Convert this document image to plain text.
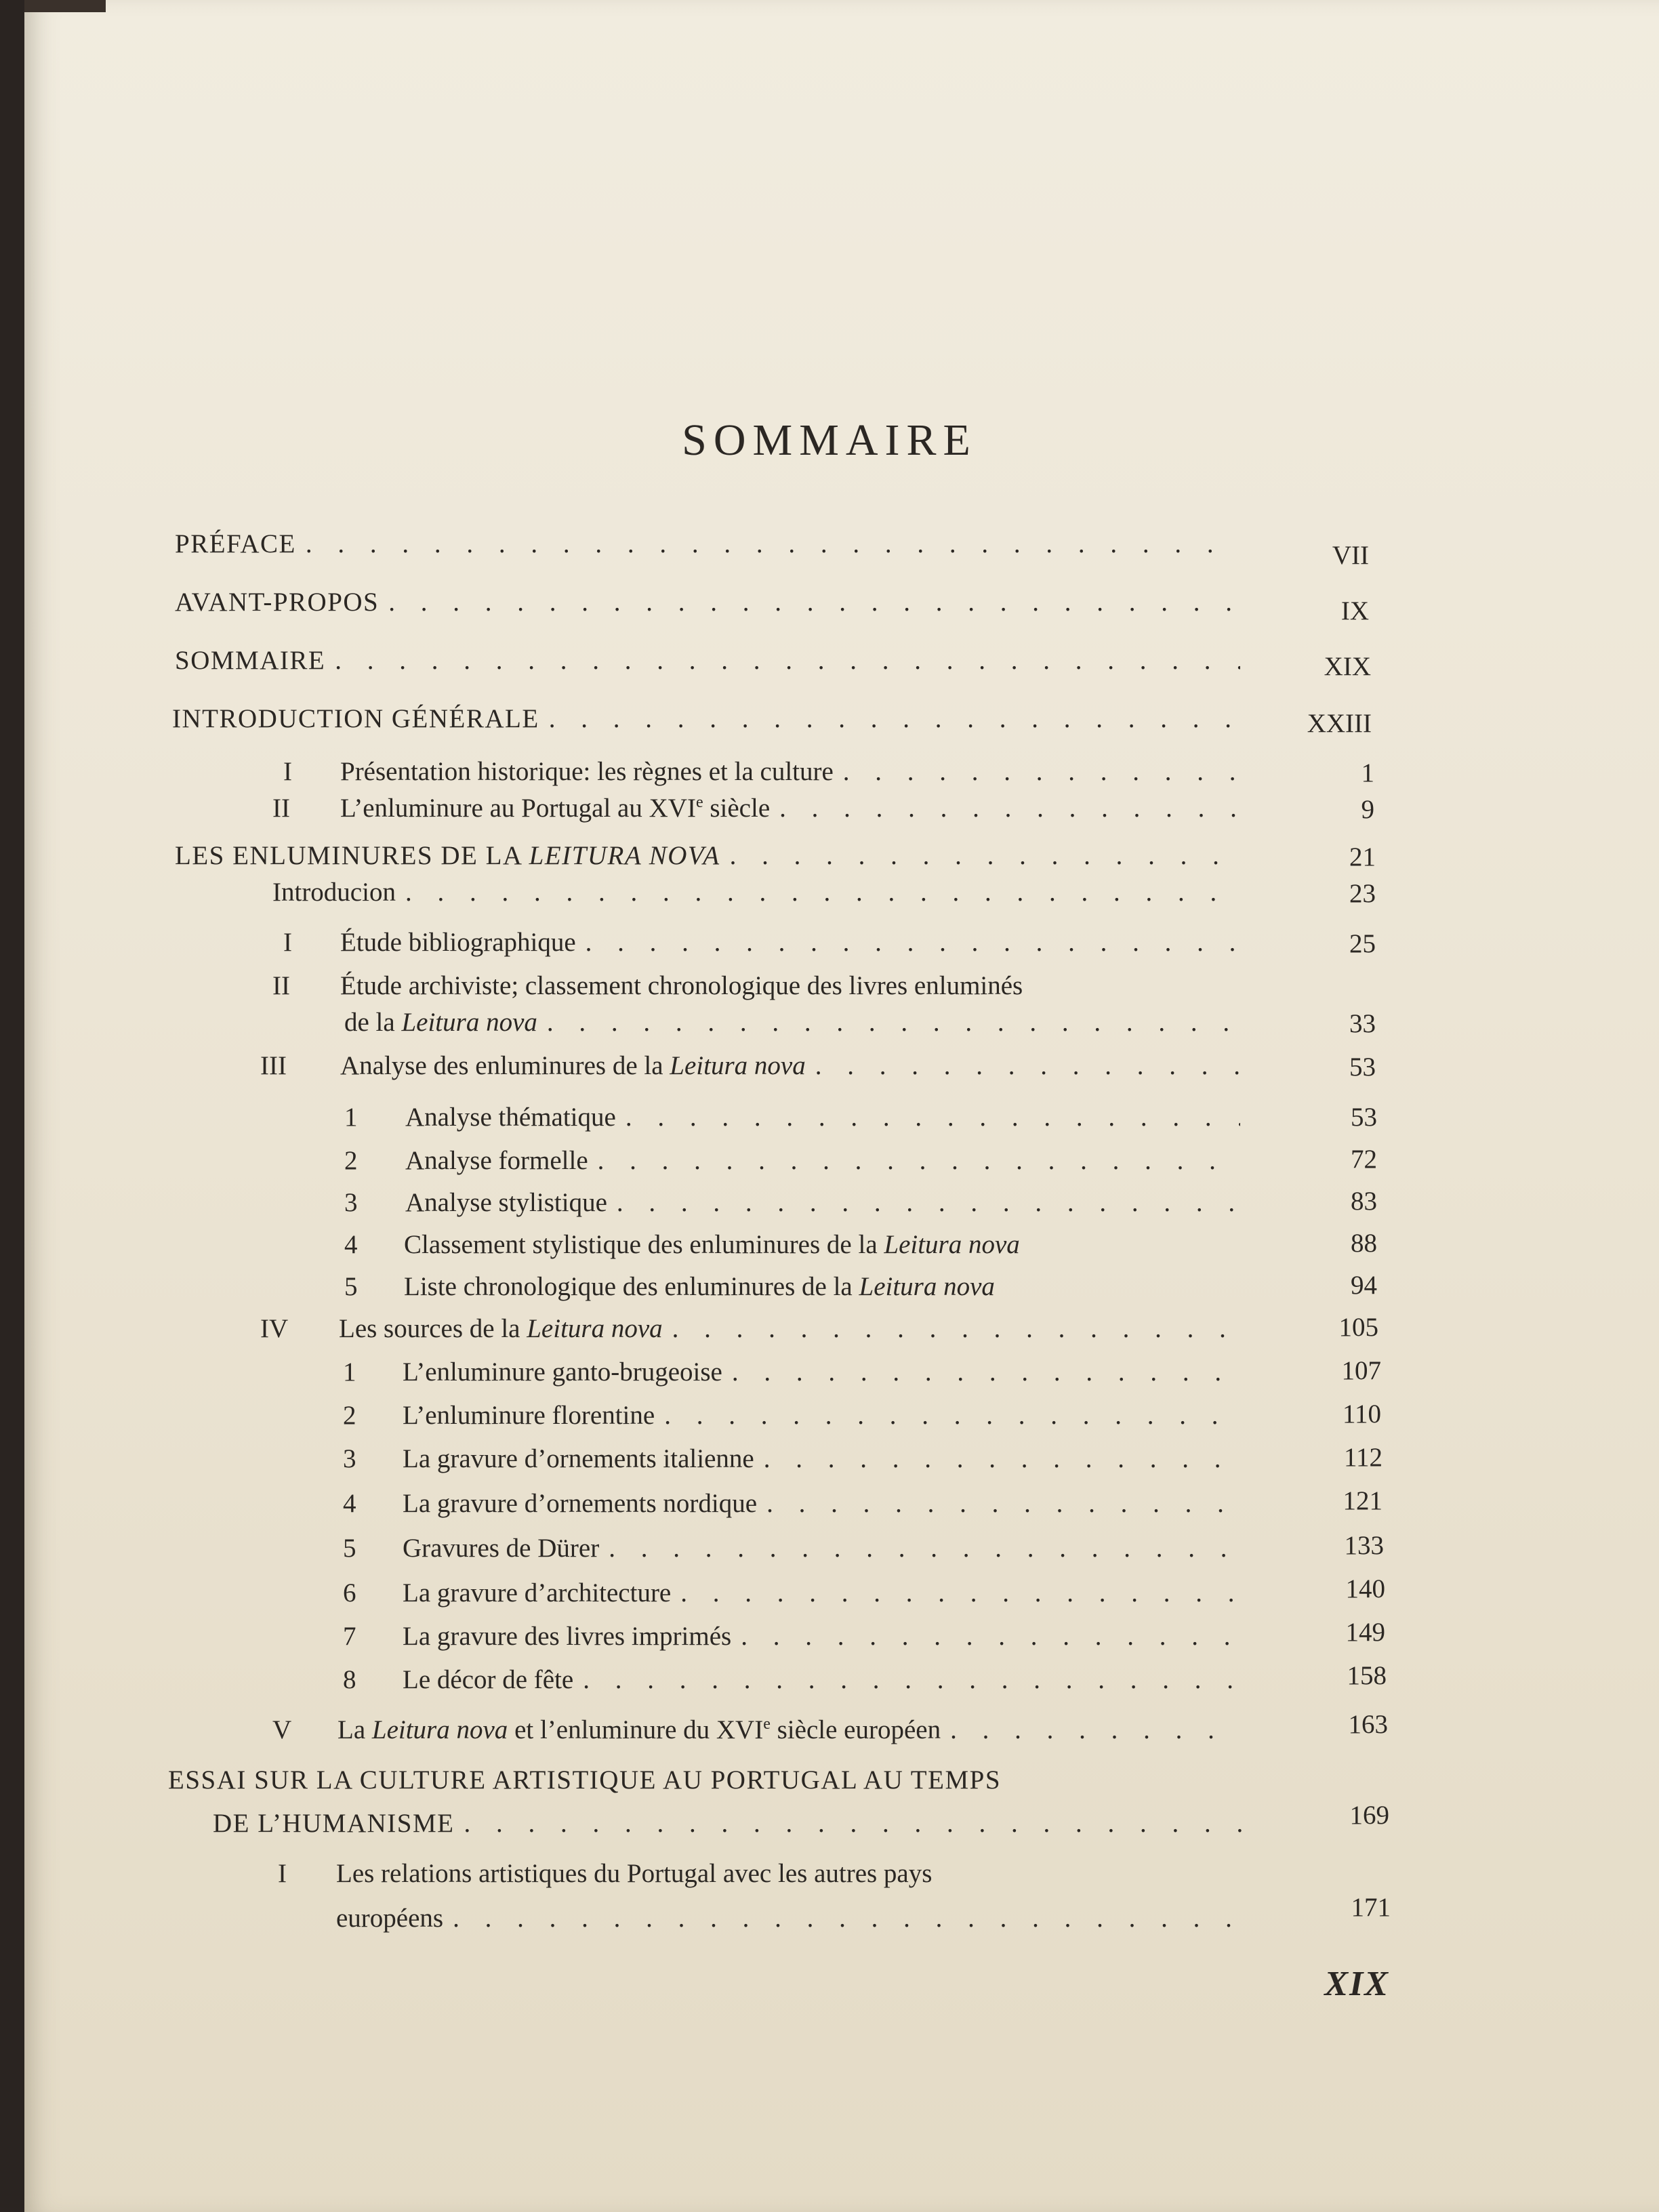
SOMMAIRE
PRÉFACE . .	VII
AVANT-PROPOS . .	IX
SOMMAIRE . .	XIX
INTRODUCTION GÉNÉRALE . .	XXIII
I	Présentation historique: les règnes et la culture . .	1
II	L’enluminure au Portugal au XVIe siècle . .	9
LES ENLUMINURES DE LA LEITURA NOVA . .	21
Introducion . .	23
I	Étude bibliographique . .	25
II	Étude archiviste; classement chronologique des livres enluminés
de la Leitura nova . .	33
III	Analyse des enluminures de la Leitura nova . .	53
1	Analyse thématique . .	53
2	Analyse formelle . .	72
3	Analyse stylistique . .	83
4	Classement stylistique des enluminures de la Leitura nova	88
5	Liste chronologique des enluminures de la Leitura nova	94
IV	Les sources de la Leitura nova . .	105
1	L’enluminure ganto-brugeoise . .	107
2	L’enluminure florentine . .	110
3	La gravure d’ornements italienne . .	112
4	La gravure d’ornements nordique . .	121
5	Gravures de Dürer . .	133
6	La gravure d’architecture . .	140
7	La gravure des livres imprimés . .	149
8	Le décor de fête . .	158
V	La Leitura nova et l’enluminure du XVIe siècle européen . .	163
ESSAI SUR LA CULTURE ARTISTIQUE AU PORTUGAL AU TEMPS
DE L’HUMANISME . .	169
I	Les relations artistiques du Portugal avec les autres pays
européens . .	171
XIX
